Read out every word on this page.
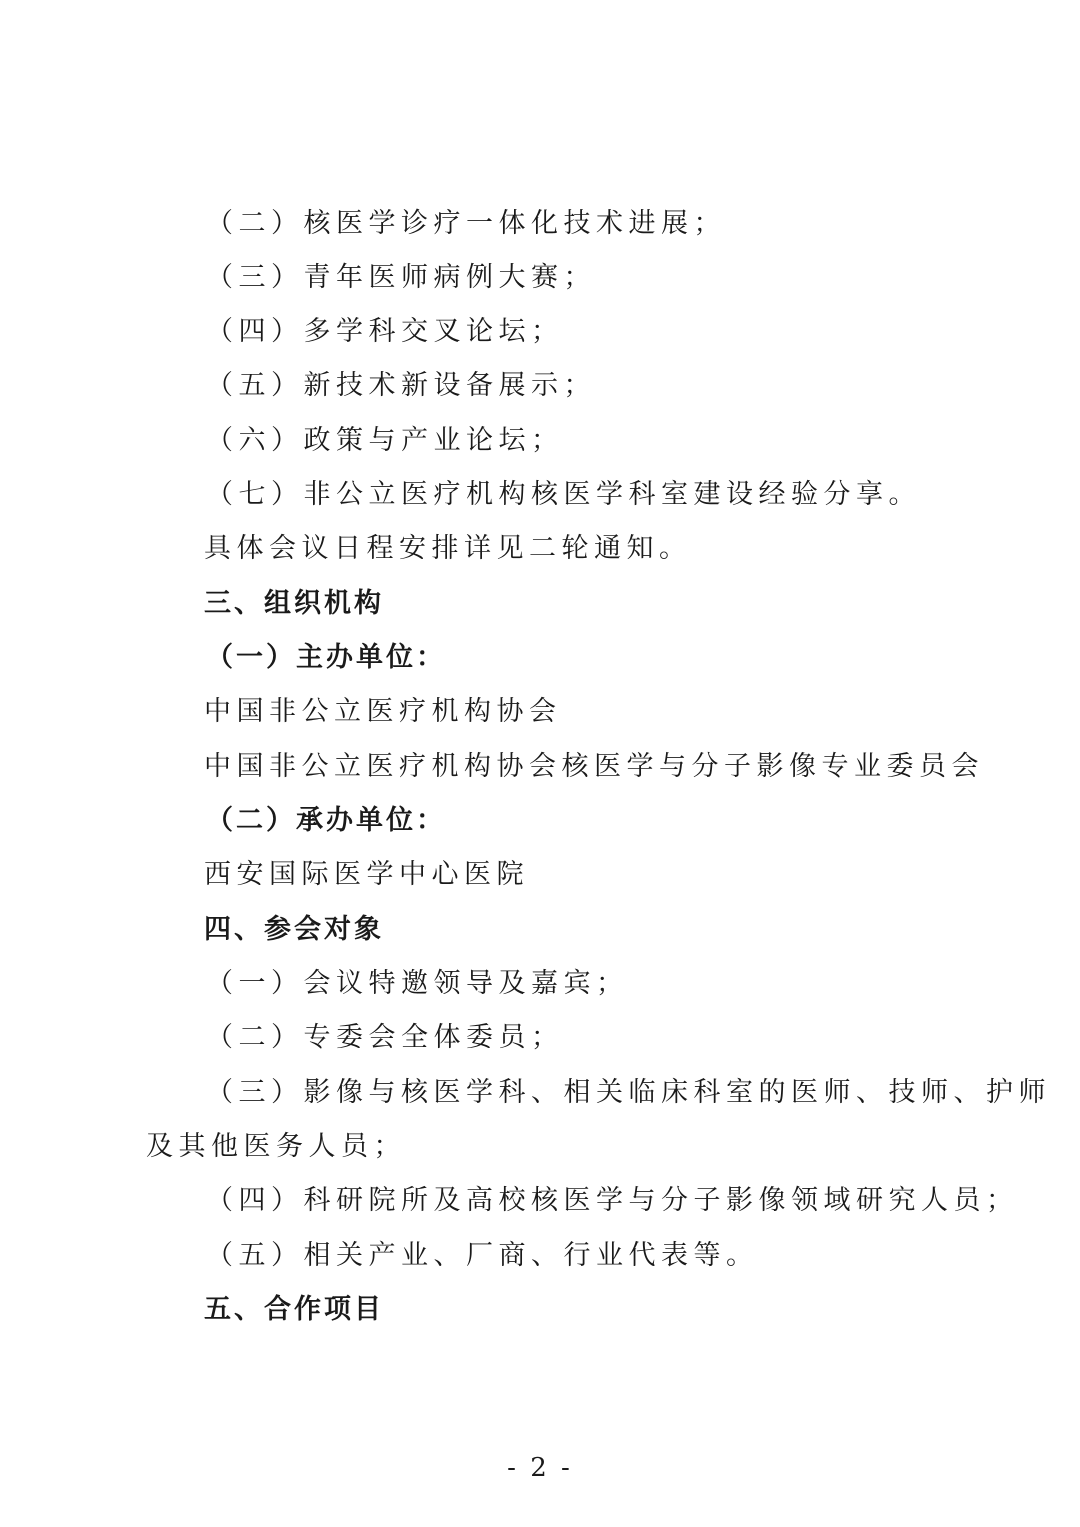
（二）核医学诊疗一体化技术进展；
（三）青年医师病例大赛；
（四）多学科交叉论坛；
（五）新技术新设备展示；
（六）政策与产业论坛；
（七）非公立医疗机构核医学科室建设经验分享。
具体会议日程安排详见二轮通知。
三、组织机构
（一）主办单位：
中国非公立医疗机构协会
中国非公立医疗机构协会核医学与分子影像专业委员会
（二）承办单位：
西安国际医学中心医院
四、参会对象
（一）会议特邀领导及嘉宾；
（二）专委会全体委员；
（三）影像与核医学科、相关临床科室的医师、技师、护师
及其他医务人员；
（四）科研院所及高校核医学与分子影像领域研究人员；
（五）相关产业、厂商、行业代表等。
五、合作项目
- 2 -
